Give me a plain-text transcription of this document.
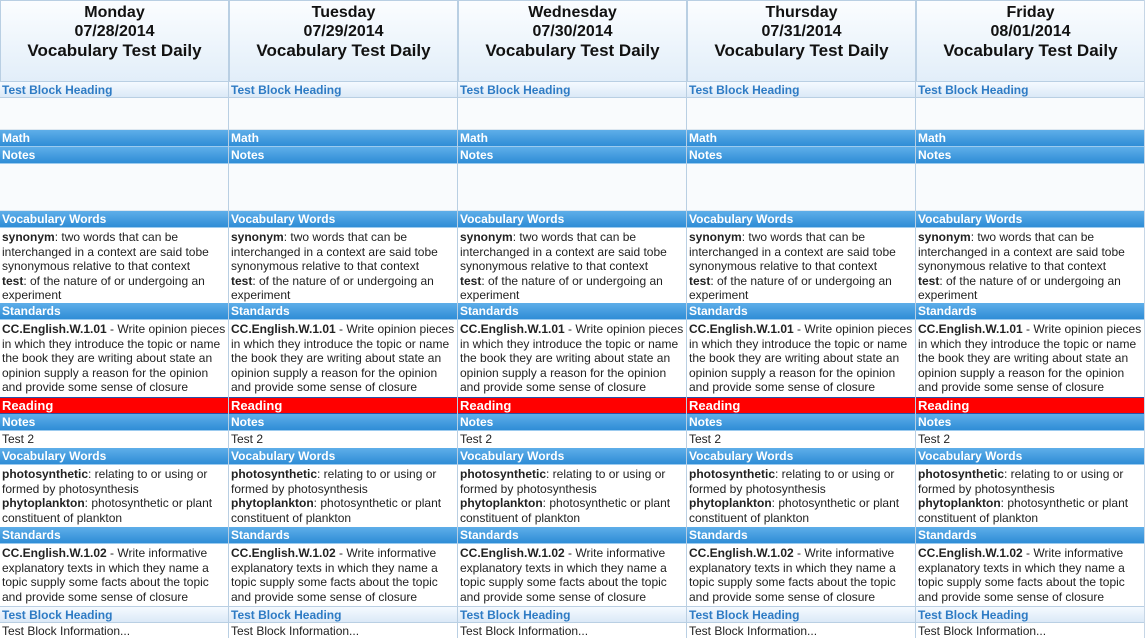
Monday
07/28/2014
Vocabulary Test Daily
Test Block Heading
Math
Notes
Vocabulary Words
synonym: two words that can be interchanged in a context are said tobe synonymous relative to that context
test: of the nature of or undergoing an experiment
Standards
CC.English.W.1.01 - Write opinion pieces in which they introduce the topic or name the book they are writing about state an opinion supply a reason for the opinion and provide some sense of closure
Reading
Notes
Test 2
Vocabulary Words
photosynthetic: relating to or using or formed by photosynthesis
phytoplankton: photosynthetic or plant constituent of plankton
Standards
CC.English.W.1.02 - Write informative explanatory texts in which they name a topic supply some facts about the topic and provide some sense of closure
Test Block Heading
Test Block Information...
Tuesday
07/29/2014
Vocabulary Test Daily
Test Block Heading
Math
Notes
Vocabulary Words
synonym: two words that can be interchanged in a context are said tobe synonymous relative to that context
test: of the nature of or undergoing an experiment
Standards
CC.English.W.1.01 - Write opinion pieces in which they introduce the topic or name the book they are writing about state an opinion supply a reason for the opinion and provide some sense of closure
Reading
Notes
Test 2
Vocabulary Words
photosynthetic: relating to or using or formed by photosynthesis
phytoplankton: photosynthetic or plant constituent of plankton
Standards
CC.English.W.1.02 - Write informative explanatory texts in which they name a topic supply some facts about the topic and provide some sense of closure
Test Block Heading
Test Block Information...
Wednesday
07/30/2014
Vocabulary Test Daily
Test Block Heading
Math
Notes
Vocabulary Words
synonym: two words that can be interchanged in a context are said tobe synonymous relative to that context
test: of the nature of or undergoing an experiment
Standards
CC.English.W.1.01 - Write opinion pieces in which they introduce the topic or name the book they are writing about state an opinion supply a reason for the opinion and provide some sense of closure
Reading
Notes
Test 2
Vocabulary Words
photosynthetic: relating to or using or formed by photosynthesis
phytoplankton: photosynthetic or plant constituent of plankton
Standards
CC.English.W.1.02 - Write informative explanatory texts in which they name a topic supply some facts about the topic and provide some sense of closure
Test Block Heading
Test Block Information...
Thursday
07/31/2014
Vocabulary Test Daily
Test Block Heading
Math
Notes
Vocabulary Words
synonym: two words that can be interchanged in a context are said tobe synonymous relative to that context
test: of the nature of or undergoing an experiment
Standards
CC.English.W.1.01 - Write opinion pieces in which they introduce the topic or name the book they are writing about state an opinion supply a reason for the opinion and provide some sense of closure
Reading
Notes
Test 2
Vocabulary Words
photosynthetic: relating to or using or formed by photosynthesis
phytoplankton: photosynthetic or plant constituent of plankton
Standards
CC.English.W.1.02 - Write informative explanatory texts in which they name a topic supply some facts about the topic and provide some sense of closure
Test Block Heading
Test Block Information...
Friday
08/01/2014
Vocabulary Test Daily
Test Block Heading
Math
Notes
Vocabulary Words
synonym: two words that can be interchanged in a context are said tobe synonymous relative to that context
test: of the nature of or undergoing an experiment
Standards
CC.English.W.1.01 - Write opinion pieces in which they introduce the topic or name the book they are writing about state an opinion supply a reason for the opinion and provide some sense of closure
Reading
Notes
Test 2
Vocabulary Words
photosynthetic: relating to or using or formed by photosynthesis
phytoplankton: photosynthetic or plant constituent of plankton
Standards
CC.English.W.1.02 - Write informative explanatory texts in which they name a topic supply some facts about the topic and provide some sense of closure
Test Block Heading
Test Block Information...
